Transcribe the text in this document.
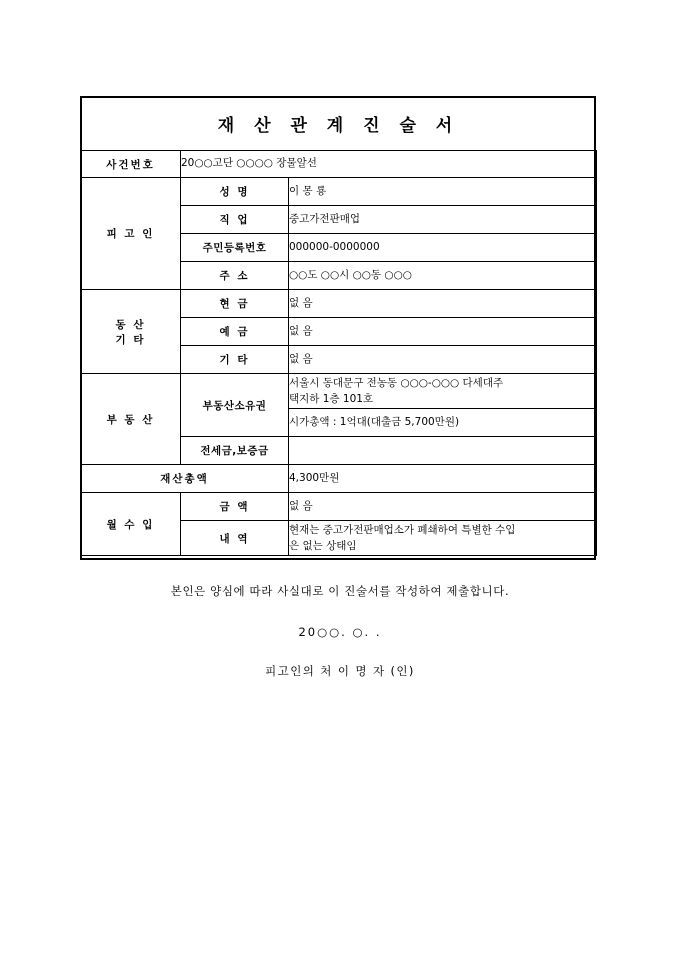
재 산 관 계 진 술 서		
사건번호	20○○고단 ○○○○ 장물알선	
피 고 인	성 명	이 몽 룡
	직 업	중고가전판매업
	주민등록번호	000000-0000000
	주 소	○○도 ○○시 ○○동 ○○○

동 산
기 타	현 금	없 음
	예 금	없 음
	기 타	없 음
부 동 산	부동산소유권	서울시 동대문구 전농동 ○○○-○○○ 다세대주
택지하 1층 101호

		시가총액 : 1억대(대출금 5,700만원)
	전세금,보증금	
재산총액		4,300만원
월 수 입	금 액	없 음
	내 역	현재는 중고가전판매업소가 폐쇄하여 특별한 수입
은 없는 상태임
본인은 양심에 따라 사실대로 이 진술서를 작성하여 제출합니다.
20○○. ○. .
피고인의 처 이 명 자 (인)
